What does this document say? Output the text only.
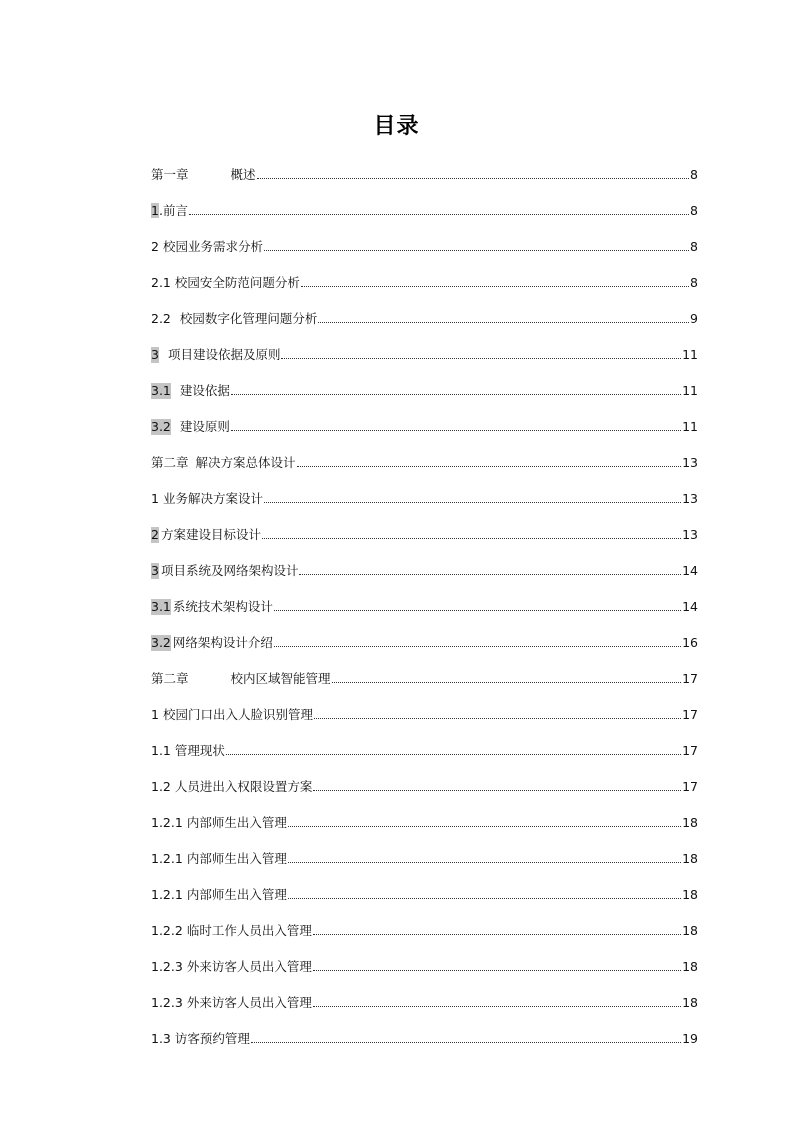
目录
第一章	概述	8
1. 前言	8
2 校园业务需求分析	8
2.1 校园安全防范问题分析	8
2.2 校园数字化管理问题分析	9
3 项目建设依据及原则	11
3.1 建设依据	11
3.2 建设原则	11
第二章 解决方案总体设计	13
1 业务解决方案设计	13
2 方案建设目标设计	13
3 项目系统及网络架构设计	14
3.1 系统技术架构设计	14
3.2 网络架构设计介绍	16
第二章	校内区域智能管理	17
1 校园门口出入人脸识别管理	17
1.1 管理现状	17
1.2 人员进出入权限设置方案	17
1.2.1 内部师生出入管理	18
1.2.1 内部师生出入管理	18
1.2.1 内部师生出入管理	18
1.2.2 临时工作人员出入管理	18
1.2.3 外来访客人员出入管理	18
1.2.3 外来访客人员出入管理	18
1.3 访客预约管理	19
